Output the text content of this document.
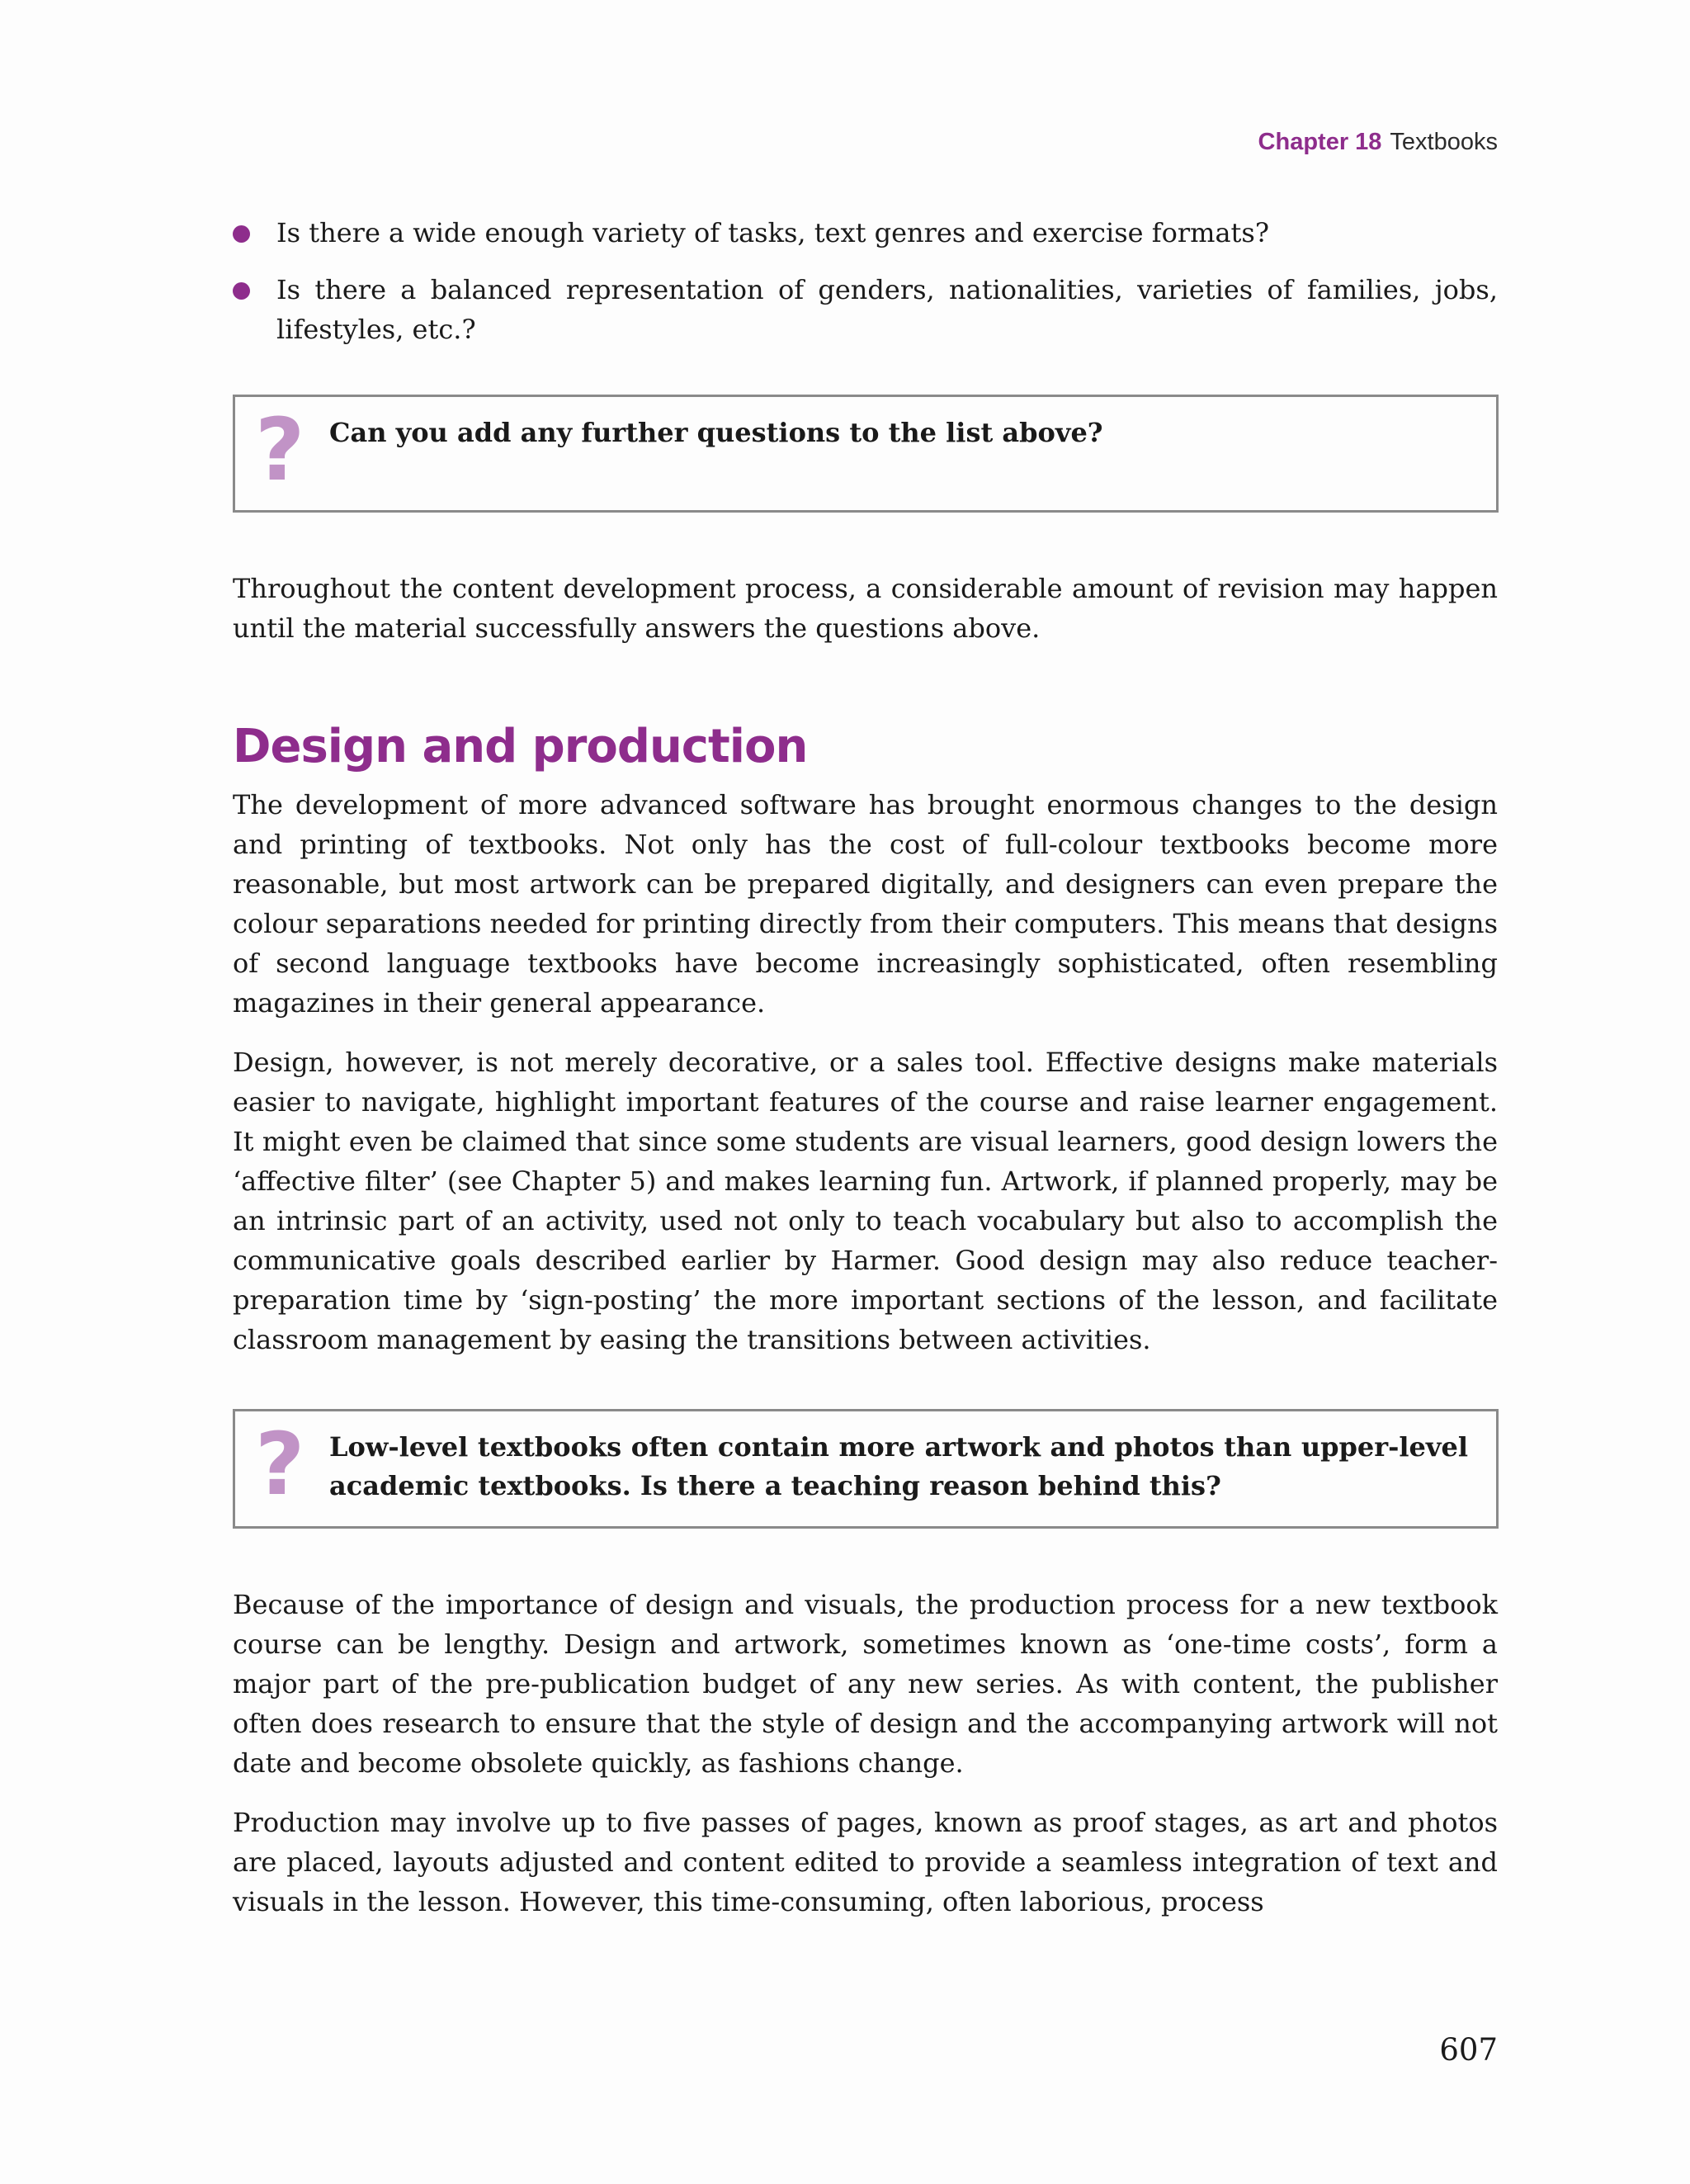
Chapter 18 Textbooks
Is there a wide enough variety of tasks, text genres and exercise formats?
Is there a balanced representation of genders, nationalities, varieties of families, jobs, lifestyles, etc.?
? Can you add any further questions to the list above?

Throughout the content development process, a considerable amount of revision may happen until the material successfully answers the questions above.

Design and production

The development of more advanced software has brought enormous changes to the design and printing of textbooks. Not only has the cost of full-colour textbooks become more reasonable, but most artwork can be prepared digitally, and designers can even prepare the colour separations needed for printing directly from their computers. This means that designs of second language textbooks have become increasingly sophisticated, often resembling magazines in their general appearance.

Design, however, is not merely decorative, or a sales tool. Effective designs make materials easier to navigate, highlight important features of the course and raise learner engagement. It might even be claimed that since some students are visual learners, good design lowers the ‘affective filter’ (see Chapter 5) and makes learning fun. Artwork, if planned properly, may be an intrinsic part of an activity, used not only to teach vocabulary but also to accomplish the communicative goals described earlier by Harmer. Good design may also reduce teacher-preparation time by ‘sign-posting’ the more important sections of the lesson, and facilitate classroom management by easing the transitions between activities.

? Low-level textbooks often contain more artwork and photos than upper-level academic textbooks. Is there a teaching reason behind this?

Because of the importance of design and visuals, the production process for a new textbook course can be lengthy. Design and artwork, sometimes known as ‘one-time costs’, form a major part of the pre-publication budget of any new series. As with content, the publisher often does research to ensure that the style of design and the accompanying artwork will not date and become obsolete quickly, as fashions change.

Production may involve up to five passes of pages, known as proof stages, as art and photos are placed, layouts adjusted and content edited to provide a seamless integration of text and visuals in the lesson. However, this time-consuming, often laborious, process

607
